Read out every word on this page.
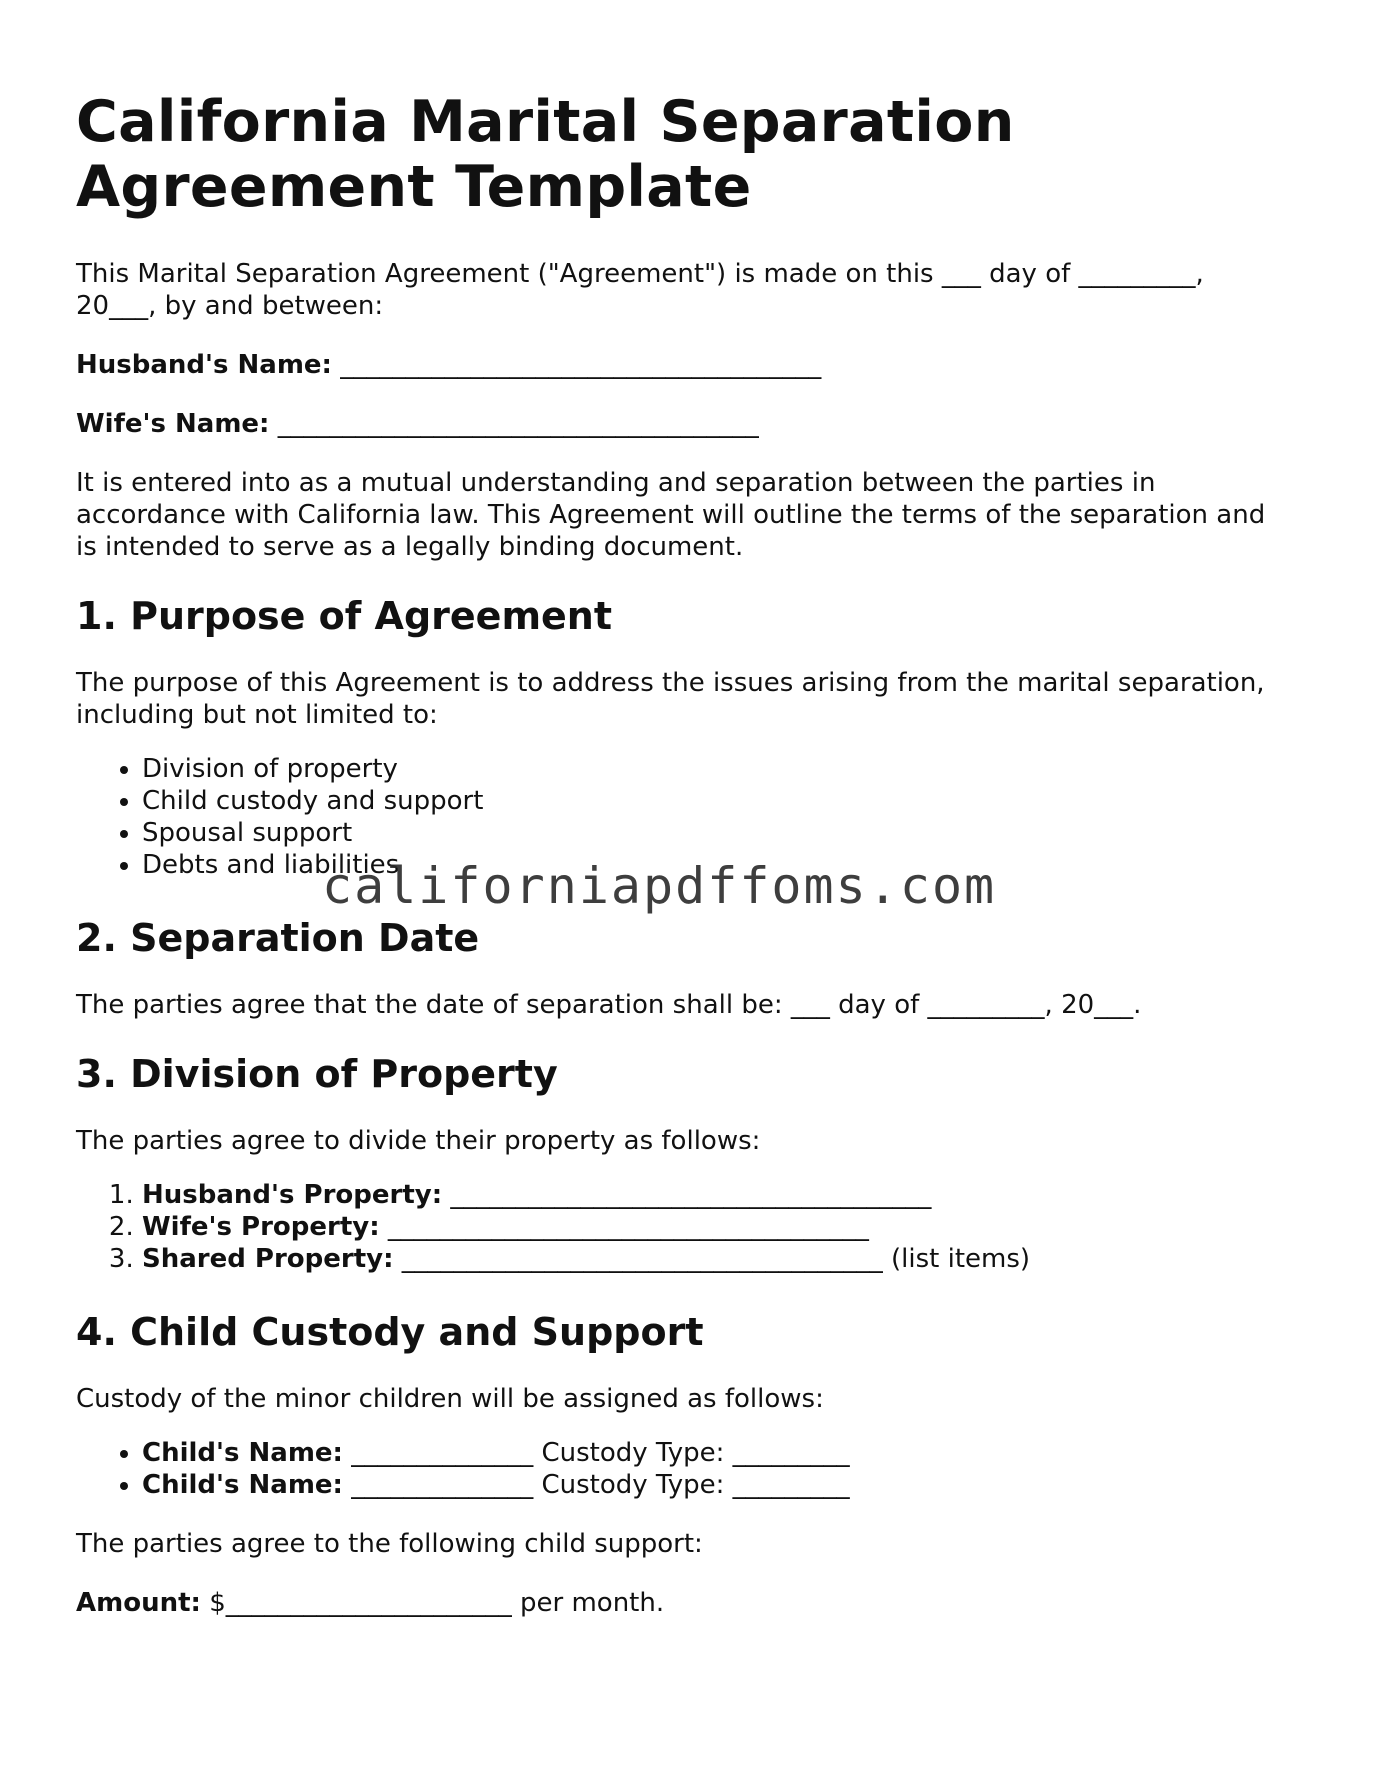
California Marital Separation
Agreement Template

This Marital Separation Agreement ("Agreement") is made on this ___ day of _________, 20___, by and between:

Husband's Name: _____________________________________

Wife's Name: _____________________________________

It is entered into as a mutual understanding and separation between the parties in accordance with California law. This Agreement will outline the terms of the separation and is intended to serve as a legally binding document.

1. Purpose of Agreement

The purpose of this Agreement is to address the issues arising from the marital separation, including but not limited to:

• Division of property
• Child custody and support
• Spousal support
• Debts and liabilities
2. Separation Date

The parties agree that the date of separation shall be: ___ day of _________, 20___.

3. Division of Property

The parties agree to divide their property as follows:

1. Husband's Property: _____________________________________
2. Wife's Property: _____________________________________
3. Shared Property: _____________________________________ (list items)
4. Child Custody and Support

Custody of the minor children will be assigned as follows:

• Child's Name: ______________ Custody Type: _________
• Child's Name: ______________ Custody Type: _________

The parties agree to the following child support:

Amount: $______________________ per month.

californiapdffoms.com
